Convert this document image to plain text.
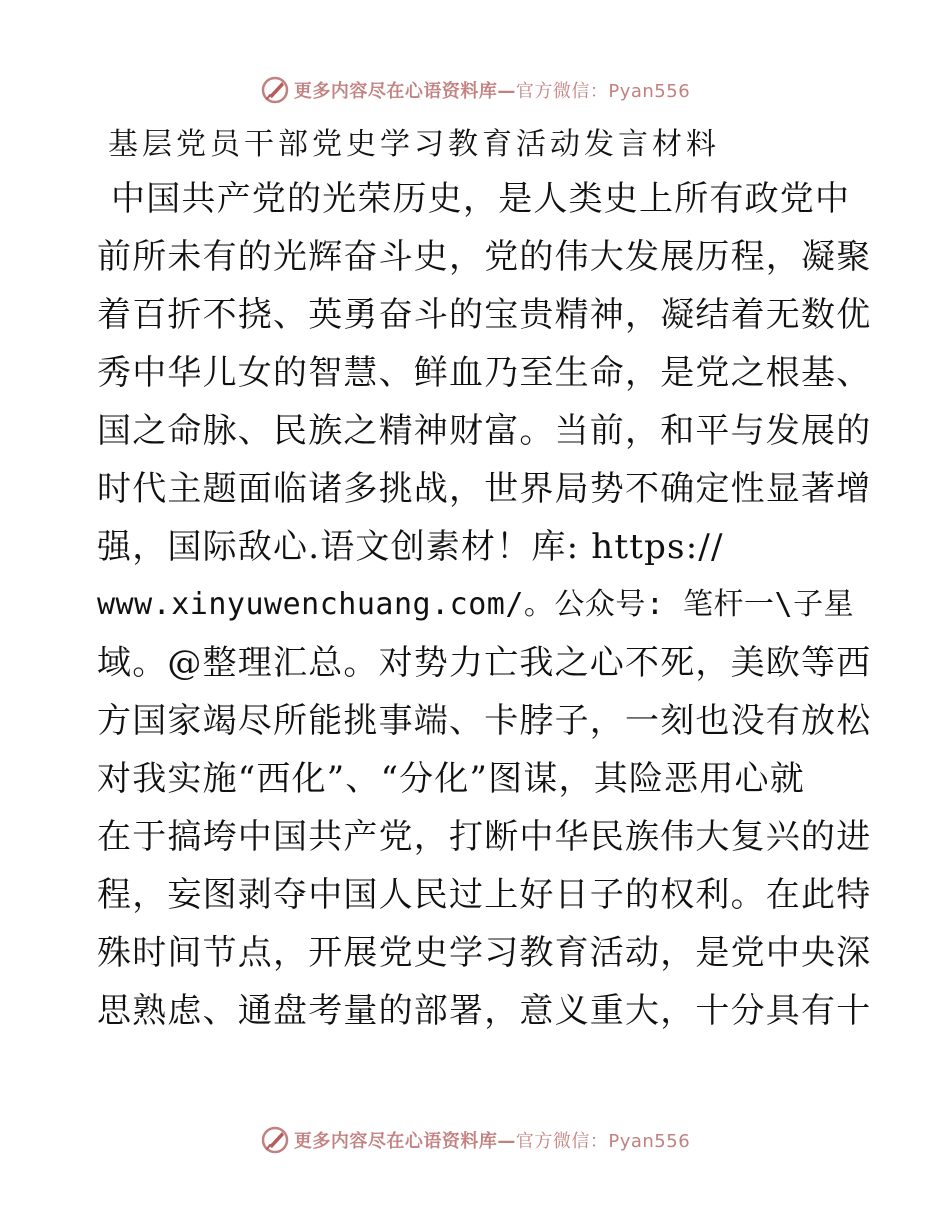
更多内容尽在心语资料库—官方微信：Pyan556
基层党员干部党史学习教育活动发言材料
中国共产党的光荣历史，是人类史上所有政党中
前所未有的光辉奋斗史，党的伟大发展历程，凝聚
着百折不挠、英勇奋斗的宝贵精神，凝结着无数优
秀中华儿女的智慧、鲜血乃至生命，是党之根基、
国之命脉、民族之精神财富。当前，和平与发展的
时代主题面临诸多挑战，世界局势不确定性显著增
强，国际敌心.语文创素材！库: https://
www.xinyuwenchuang.com/。公众号: 笔杆一\子星
域。@整理汇总。对势力亡我之心不死，美欧等西
方国家竭尽所能挑事端、卡脖子，一刻也没有放松
对我实施“西化”、“分化”图谋，其险恶用心就
在于搞垮中国共产党，打断中华民族伟大复兴的进
程，妄图剥夺中国人民过上好日子的权利。在此特
殊时间节点，开展党史学习教育活动，是党中央深
思熟虑、通盘考量的部署，意义重大，十分具有十
更多内容尽在心语资料库—官方微信：Pyan556
